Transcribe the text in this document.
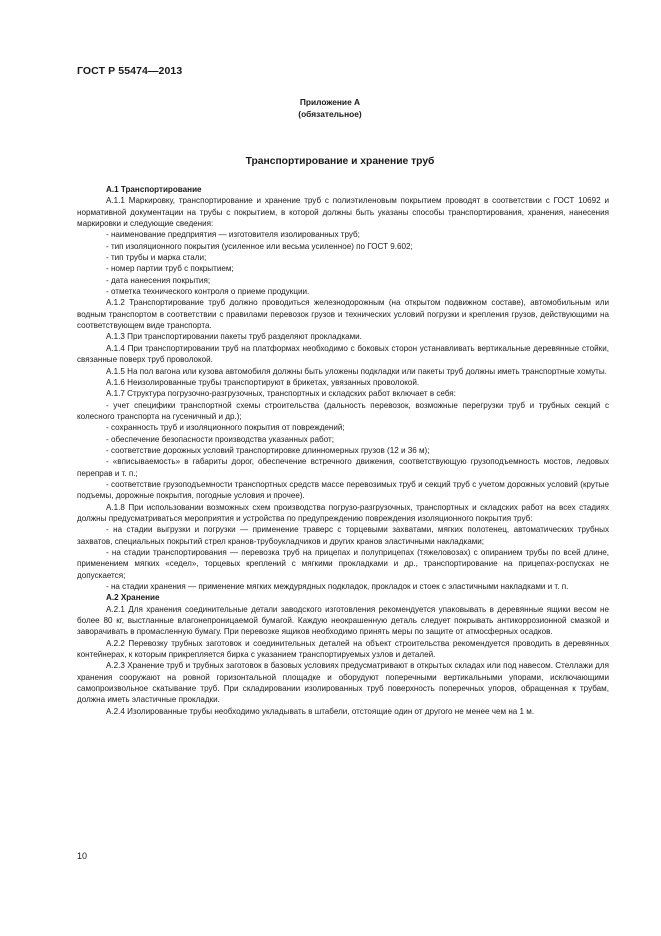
ГОСТ Р 55474—2013
Приложение А
(обязательное)
Транспортирование и хранение труб

А.1 Транспортирование

А.1.1 Маркировку, транспортирование и хранение труб с полиэтиленовым покрытием проводят в соответствии с ГОСТ 10692 и нормативной документации на трубы с покрытием, в которой должны быть указаны способы транспортирования, хранения, нанесения маркировки и следующие сведения:

- наименование предприятия — изготовителя изолированных труб;

- тип изоляционного покрытия (усиленное или весьма усиленное) по ГОСТ 9.602;

- тип трубы и марка стали;

- номер партии труб с покрытием;

- дата нанесения покрытия;

- отметка технического контроля о приеме продукции.

А.1.2 Транспортирование труб должно проводиться железнодорожным (на открытом подвижном составе), автомобильным или водным транспортом в соответствии с правилами перевозок грузов и технических условий погрузки и крепления грузов, действующими на соответствующем виде транспорта.

А.1.3 При транспортировании пакеты труб разделяют прокладками.

А.1.4 При транспортировании труб на платформах необходимо с боковых сторон устанавливать вертикальные деревянные стойки, связанные поверх труб проволокой.

А.1.5 На пол вагона или кузова автомобиля должны быть уложены подкладки или пакеты труб должны иметь транспортные хомуты.

А.1.6 Неизолированные трубы транспортируют в брикетах, увязанных проволокой.

А.1.7 Структура погрузочно-разгрузочных, транспортных и складских работ включает в себя:

- учет специфики транспортной схемы строительства (дальность перевозок, возможные перегрузки труб и трубных секций с колесного транспорта на гусеничный и др.);

- сохранность труб и изоляционного покрытия от повреждений;

- обеспечение безопасности производства указанных работ;

- соответствие дорожных условий транспортировке длинномерных грузов (12 и 36 м);

- «вписываемость» в габариты дорог, обеспечение встречного движения, соответствующую грузоподъемность мостов, ледовых переправ и т. п.;

- соответствие грузоподъемности транспортных средств массе перевозимых труб и секций труб с учетом дорожных условий (крутые подъемы, дорожные покрытия, погодные условия и прочее).

А.1.8 При использовании возможных схем производства погрузо-разгрузочных, транспортных и складских работ на всех стадиях должны предусматриваться мероприятия и устройства по предупреждению повреждения изоляционного покрытия труб:

- на стадии выгрузки и погрузки — применение траверс с торцевыми захватами, мягких полотенец, автоматических трубных захватов, специальных покрытий стрел кранов-трубоукладчиков и других кранов эластичными накладками;

- на стадии транспортирования — перевозка труб на прицепах и полуприцепах (тяжеловозах) с опиранием трубы по всей длине, применением мягких «седел», торцевых креплений с мягкими прокладками и др., транспортирование на прицепах-роспусках не допускается;

- на стадии хранения — применение мягких междурядных подкладок, прокладок и стоек с эластичными накладками и т. п.

А.2 Хранение

А.2.1 Для хранения соединительные детали заводского изготовления рекомендуется упаковывать в деревянные ящики весом не более 80 кг, выстланные влагонепроницаемой бумагой. Каждую неокрашенную деталь следует покрывать антикоррозионной смазкой и заворачивать в промасленную бумагу. При перевозке ящиков необходимо принять меры по защите от атмосферных осадков.

А.2.2 Перевозку трубных заготовок и соединительных деталей на объект строительства рекомендуется проводить в деревянных контейнерах, к которым прикрепляется бирка с указанием транспортируемых узлов и деталей.

А.2.3 Хранение труб и трубных заготовок в базовых условиях предусматривают в открытых складах или под навесом. Стеллажи для хранения сооружают на ровной горизонтальной площадке и оборудуют поперечными вертикальными упорами, исключающими самопроизвольное скатывание труб. При складировании изолированных труб поверхность поперечных упоров, обращенная к трубам, должна иметь эластичные прокладки.

А.2.4 Изолированные трубы необходимо укладывать в штабели, отстоящие один от другого не менее чем на 1 м.

10
